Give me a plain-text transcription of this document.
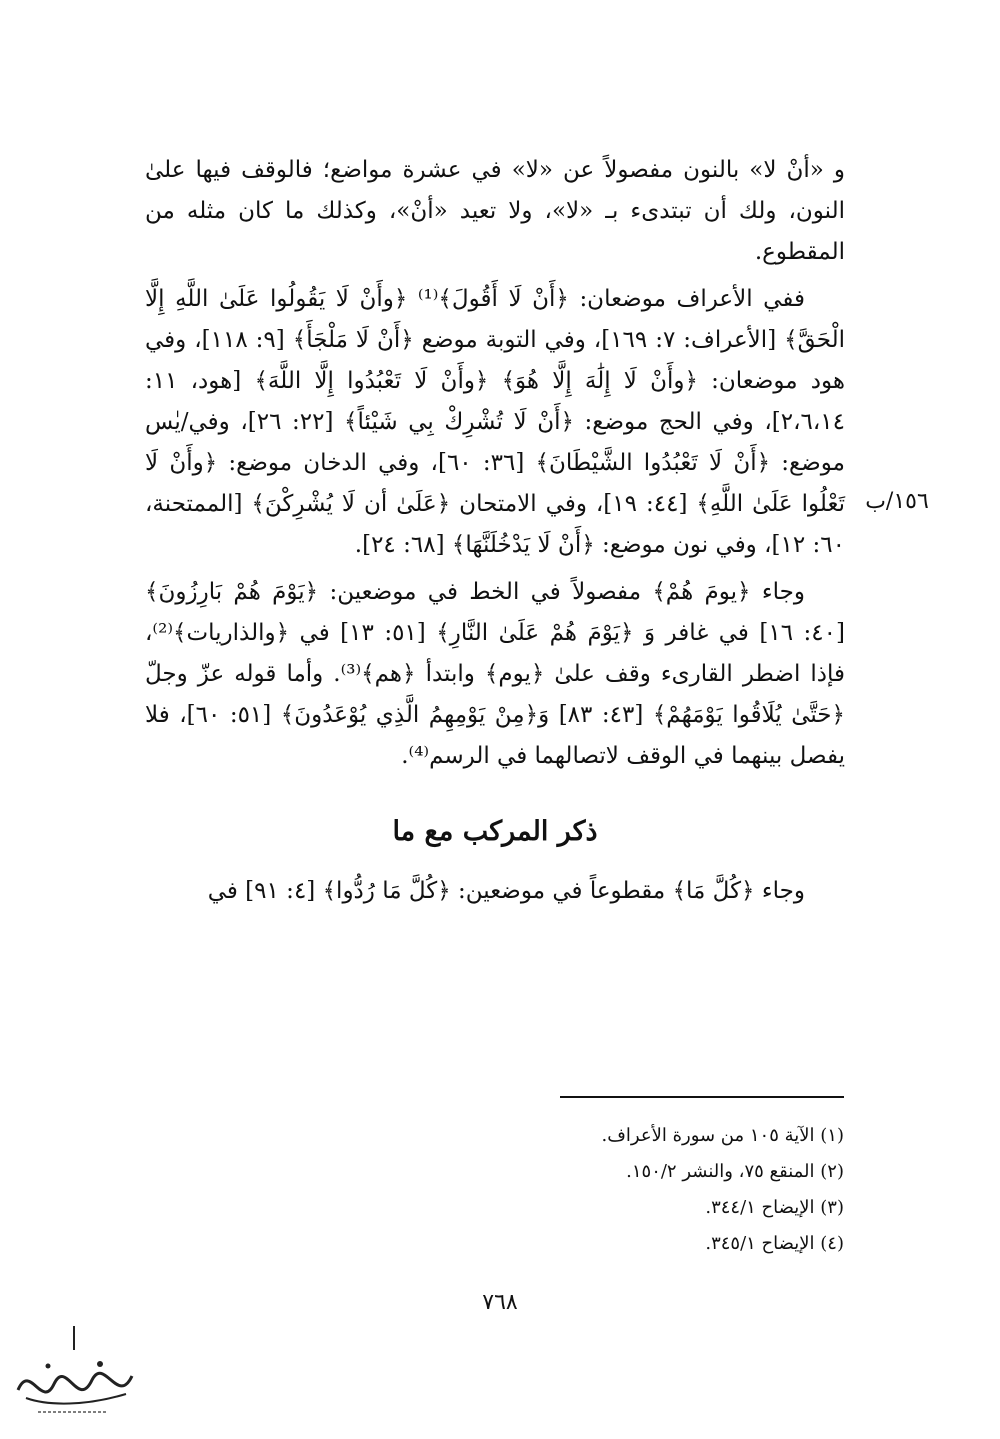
و «أنْ لا» بالنون مفصولاً عن «لا» في عشرة مواضع؛ فالوقف فيها علىٰ النون، ولك أن تبتدىء بـ «لا»، ولا تعيد «أنْ»، وكذلك ما كان مثله من المقطوع.

ففي الأعراف موضعان: ﴿أَنْ لَا أَقُولَ﴾⁽¹⁾ ﴿وأَنْ لَا يَقُولُوا عَلَىٰ اللَّهِ إِلَّا الْحَقَّ﴾ [الأعراف: ٧: ١٦٩]، وفي التوبة موضع ﴿أَنْ لَا مَلْجَأَ﴾ [٩: ١١٨]، وفي هود موضعان: ﴿وأَنْ لَا إِلَٰهَ إِلَّا هُوَ﴾ ﴿وأَنْ لَا تَعْبُدُوا إِلَّا اللَّهَ﴾ [هود، ١١: ٢،٦،١٤]، وفي الحج موضع: ﴿أَنْ لَا تُشْرِكْ بِي شَيْئاً﴾ [٢٢: ٢٦]، وفي/يٰس موضع: ﴿أَنْ لَا تَعْبُدُوا الشَّيْطَانَ﴾ [٣٦: ٦٠]، وفي الدخان موضع: ﴿وأَنْ لَا تَعْلُوا عَلَىٰ اللَّهِ﴾ [٤٤: ١٩]، وفي الامتحان ﴿عَلَىٰ أن لَا يُشْرِكْنَ﴾ [الممتحنة، ٦٠: ١٢]، وفي نون موضع: ﴿أَنْ لَا يَدْخُلَنَّهَا﴾ [٦٨: ٢٤].

وجاء ﴿يومَ هُمْ﴾ مفصولاً في الخط في موضعين: ﴿يَوْمَ هُمْ بَارِزُونَ﴾ [٤٠: ١٦] في غافر وَ ﴿يَوْمَ هُمْ عَلَىٰ النَّارِ﴾ [٥١: ١٣] في ﴿والذاريات﴾⁽²⁾، فإذا اضطر القارىء وقف علىٰ ﴿يوم﴾ وابتدأ ﴿هم﴾⁽³⁾. وأما قوله عزّ وجلّ ﴿حَتَّىٰ يُلَاقُوا يَوْمَهُمْ﴾ [٤٣: ٨٣] وَ﴿مِنْ يَوْمِهِمُ الَّذِي يُوْعَدُونَ﴾ [٥١: ٦٠]، فلا يفصل بينهما في الوقف لاتصالهما في الرسم⁽⁴⁾.

ذكر المركب مع ما

وجاء ﴿كُلَّ مَا﴾ مقطوعاً في موضعين: ﴿كُلَّ مَا رُدُّوا﴾ [٤: ٩١] في

١٥٦/ب

(١) الآية ١٠٥ من سورة الأعراف.

(٢) المنقع ٧٥، والنشر ١٥٠/٢.

(٣) الإيضاح ٣٤٤/١.

(٤) الإيضاح ٣٤٥/١.

٧٦٨
